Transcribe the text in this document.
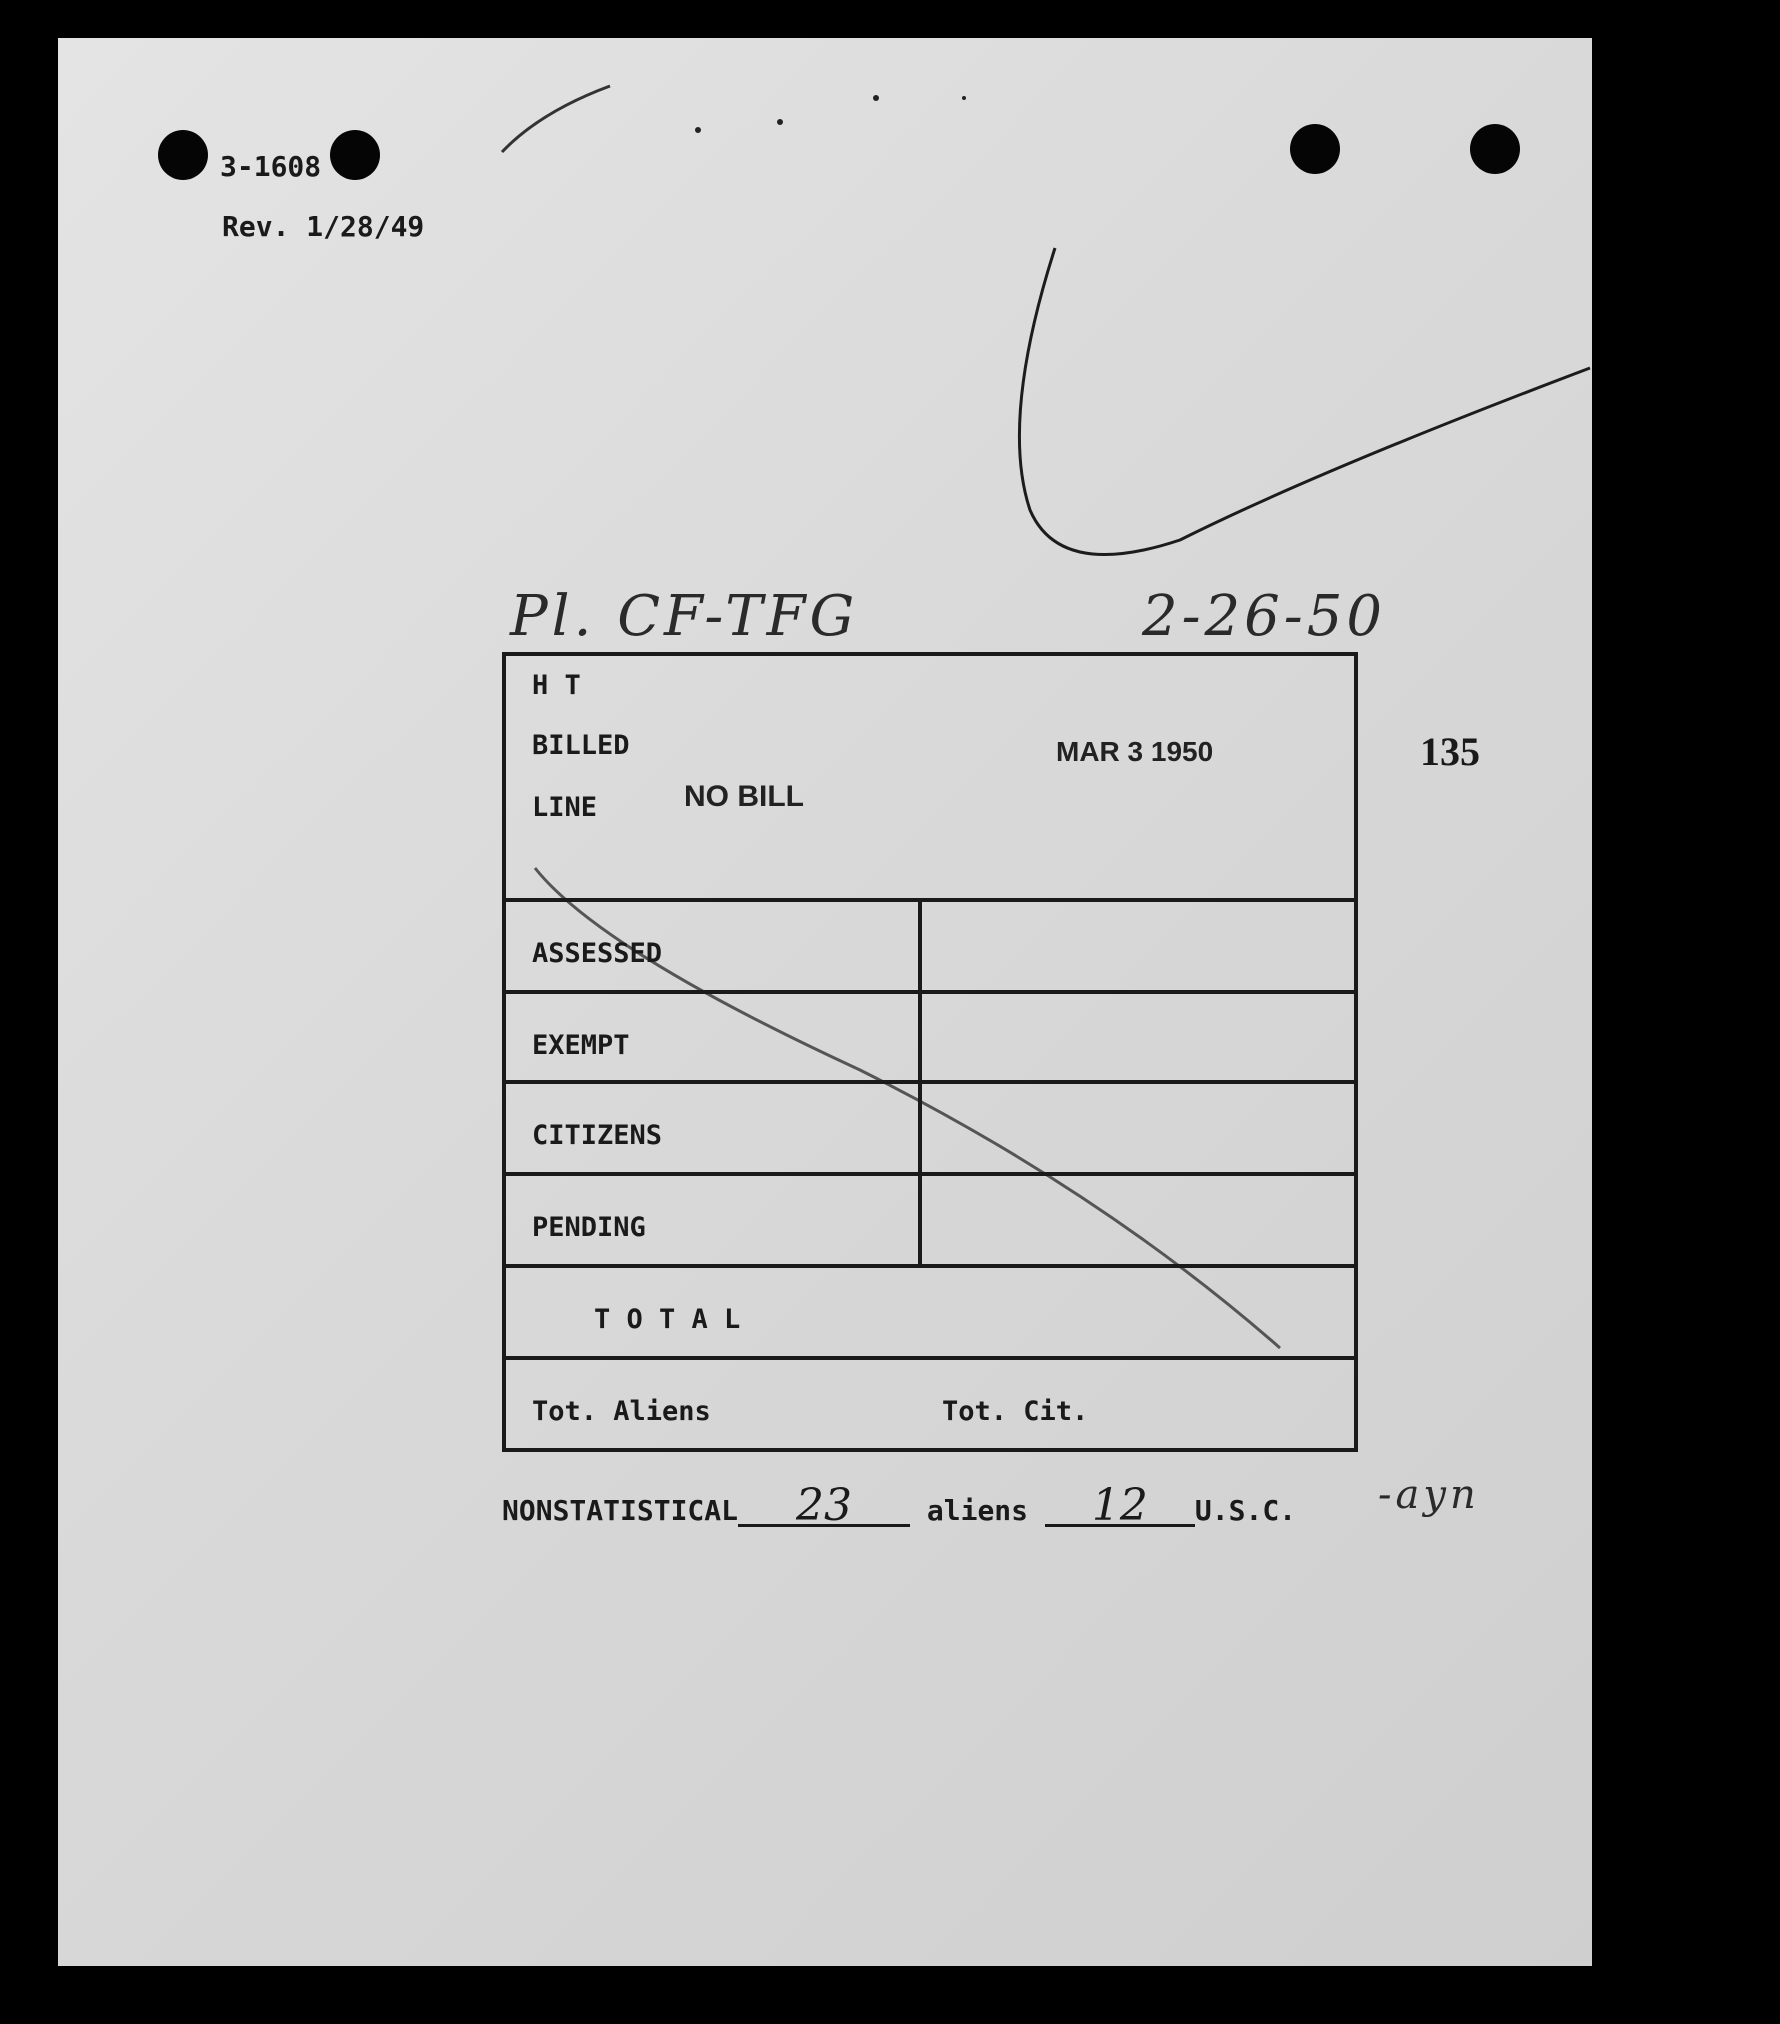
3-1608
Rev. 1/28/49
Pl. CF-TFG	2-26-50
135
H T
BILLED
LINE	NO BILL
MAR 3 1950
ASSESSED
EXEMPT
CITIZENS
PENDING
T O T A L
Tot. Aliens	Tot. Cit.
NONSTATISTICAL 23	aliens 12 U.S.C. -ayn
